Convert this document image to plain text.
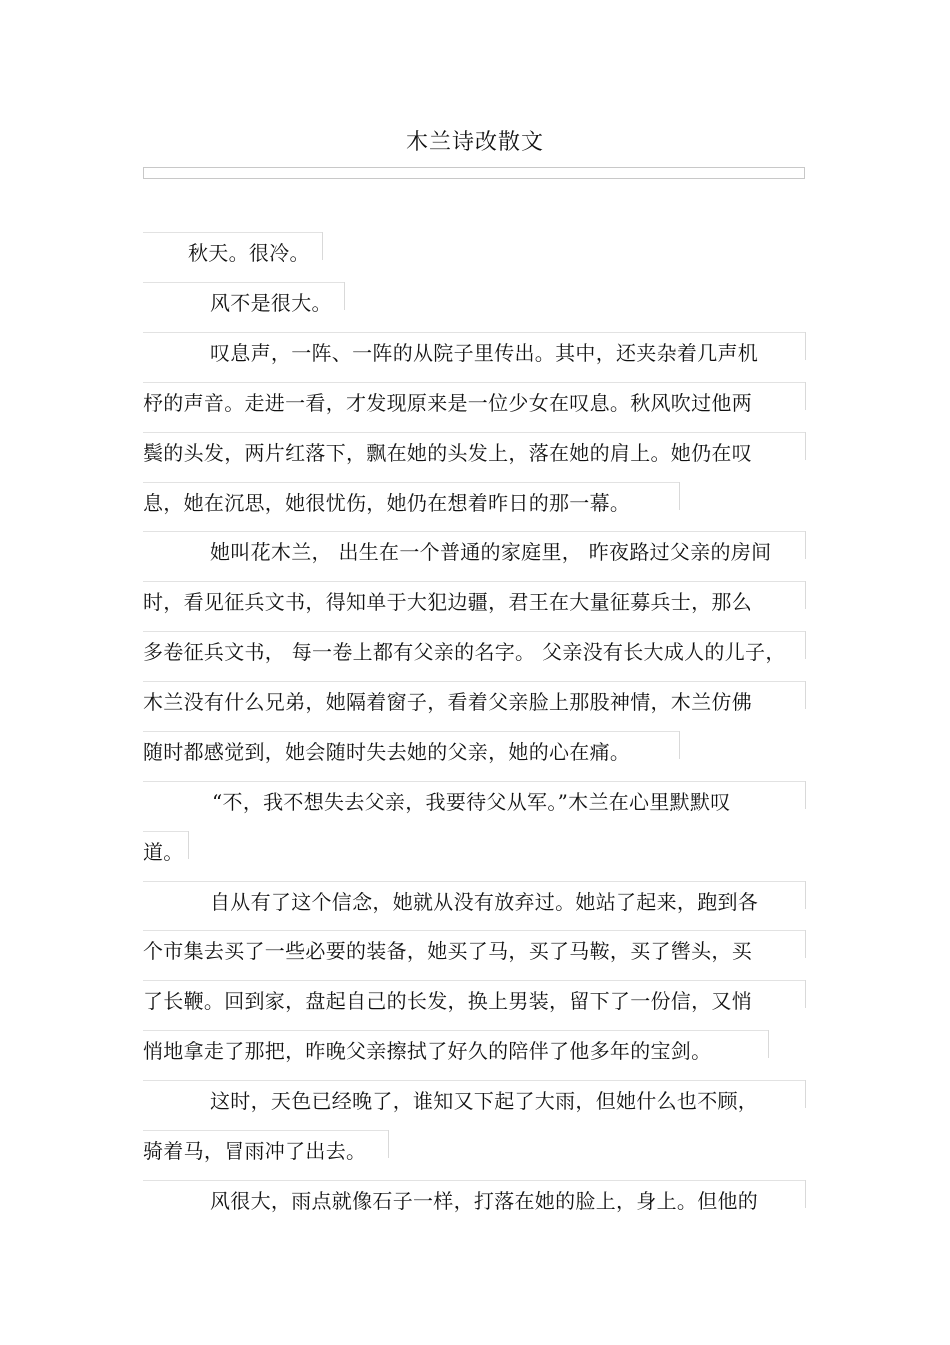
木兰诗改散文
秋天。很冷。
风不是很大。
叹息声，一阵、一阵的从院子里传出。其中，还夹杂着几声机
杼的声音。走进一看，才发现原来是一位少女在叹息。秋风吹过他两
鬓的头发，两片红落下，飘在她的头发上，落在她的肩上。她仍在叹
息，她在沉思，她很忧伤，她仍在想着昨日的那一幕。
她叫花木兰， 出生在一个普通的家庭里， 昨夜路过父亲的房间
时，看见征兵文书，得知单于大犯边疆，君王在大量征募兵士，那么
多卷征兵文书， 每一卷上都有父亲的名字。 父亲没有长大成人的儿子，
木兰没有什么兄弟，她隔着窗子，看着父亲脸上那股神情，木兰仿佛
随时都感觉到，她会随时失去她的父亲，她的心在痛。
“不，我不想失去父亲，我要待父从军。”木兰在心里默默叹
道。
自从有了这个信念，她就从没有放弃过。她站了起来，跑到各
个市集去买了一些必要的装备，她买了马，买了马鞍，买了辔头，买
了长鞭。回到家，盘起自己的长发，换上男装，留下了一份信，又悄
悄地拿走了那把，昨晚父亲擦拭了好久的陪伴了他多年的宝剑。
这时，天色已经晚了，谁知又下起了大雨，但她什么也不顾，
骑着马，冒雨冲了出去。
风很大，雨点就像石子一样，打落在她的脸上，身上。但他的
